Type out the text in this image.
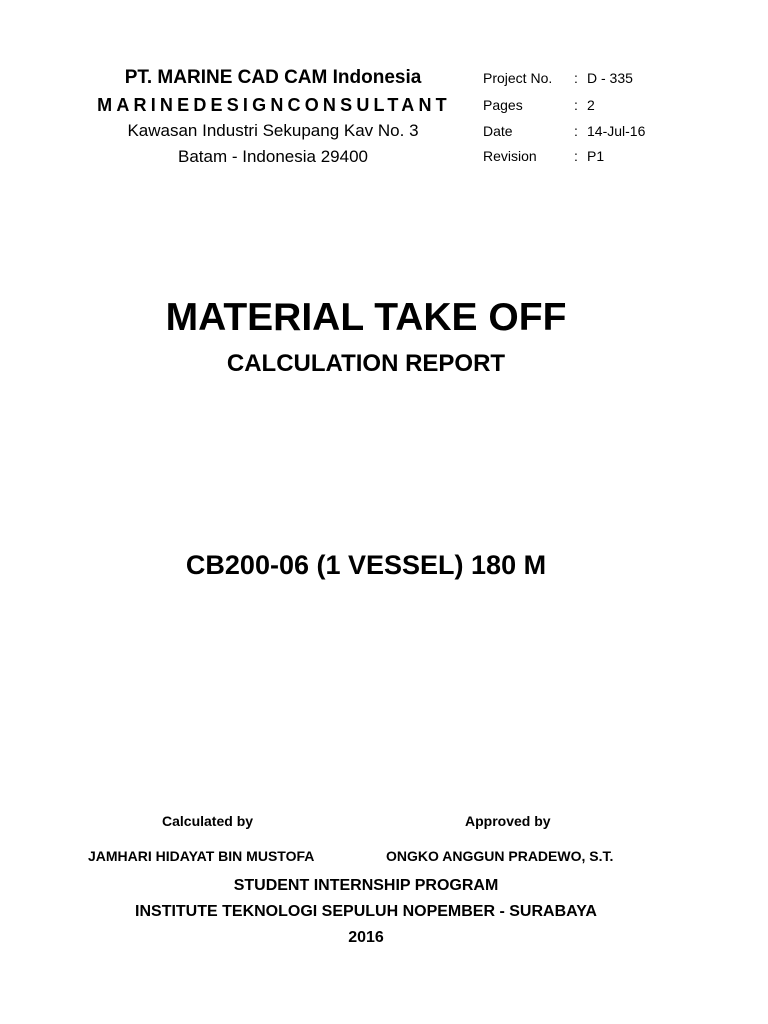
PT. MARINE CAD CAM Indonesia
MARINEDESIGNCONSULTANT
Kawasan Industri Sekupang Kav No. 3
Batam - Indonesia 29400
Project No. : D - 335
Pages	: 2
Date	: 14-Jul-16
Revision	: P1
MATERIAL TAKE OFF
CALCULATION REPORT
CB200-06 (1 VESSEL) 180 M
Calculated by	Approved by
JAMHARI HIDAYAT BIN MUSTOFA	ONGKO ANGGUN PRADEWO, S.T.
STUDENT INTERNSHIP PROGRAM
INSTITUTE TEKNOLOGI SEPULUH NOPEMBER - SURABAYA
2016
